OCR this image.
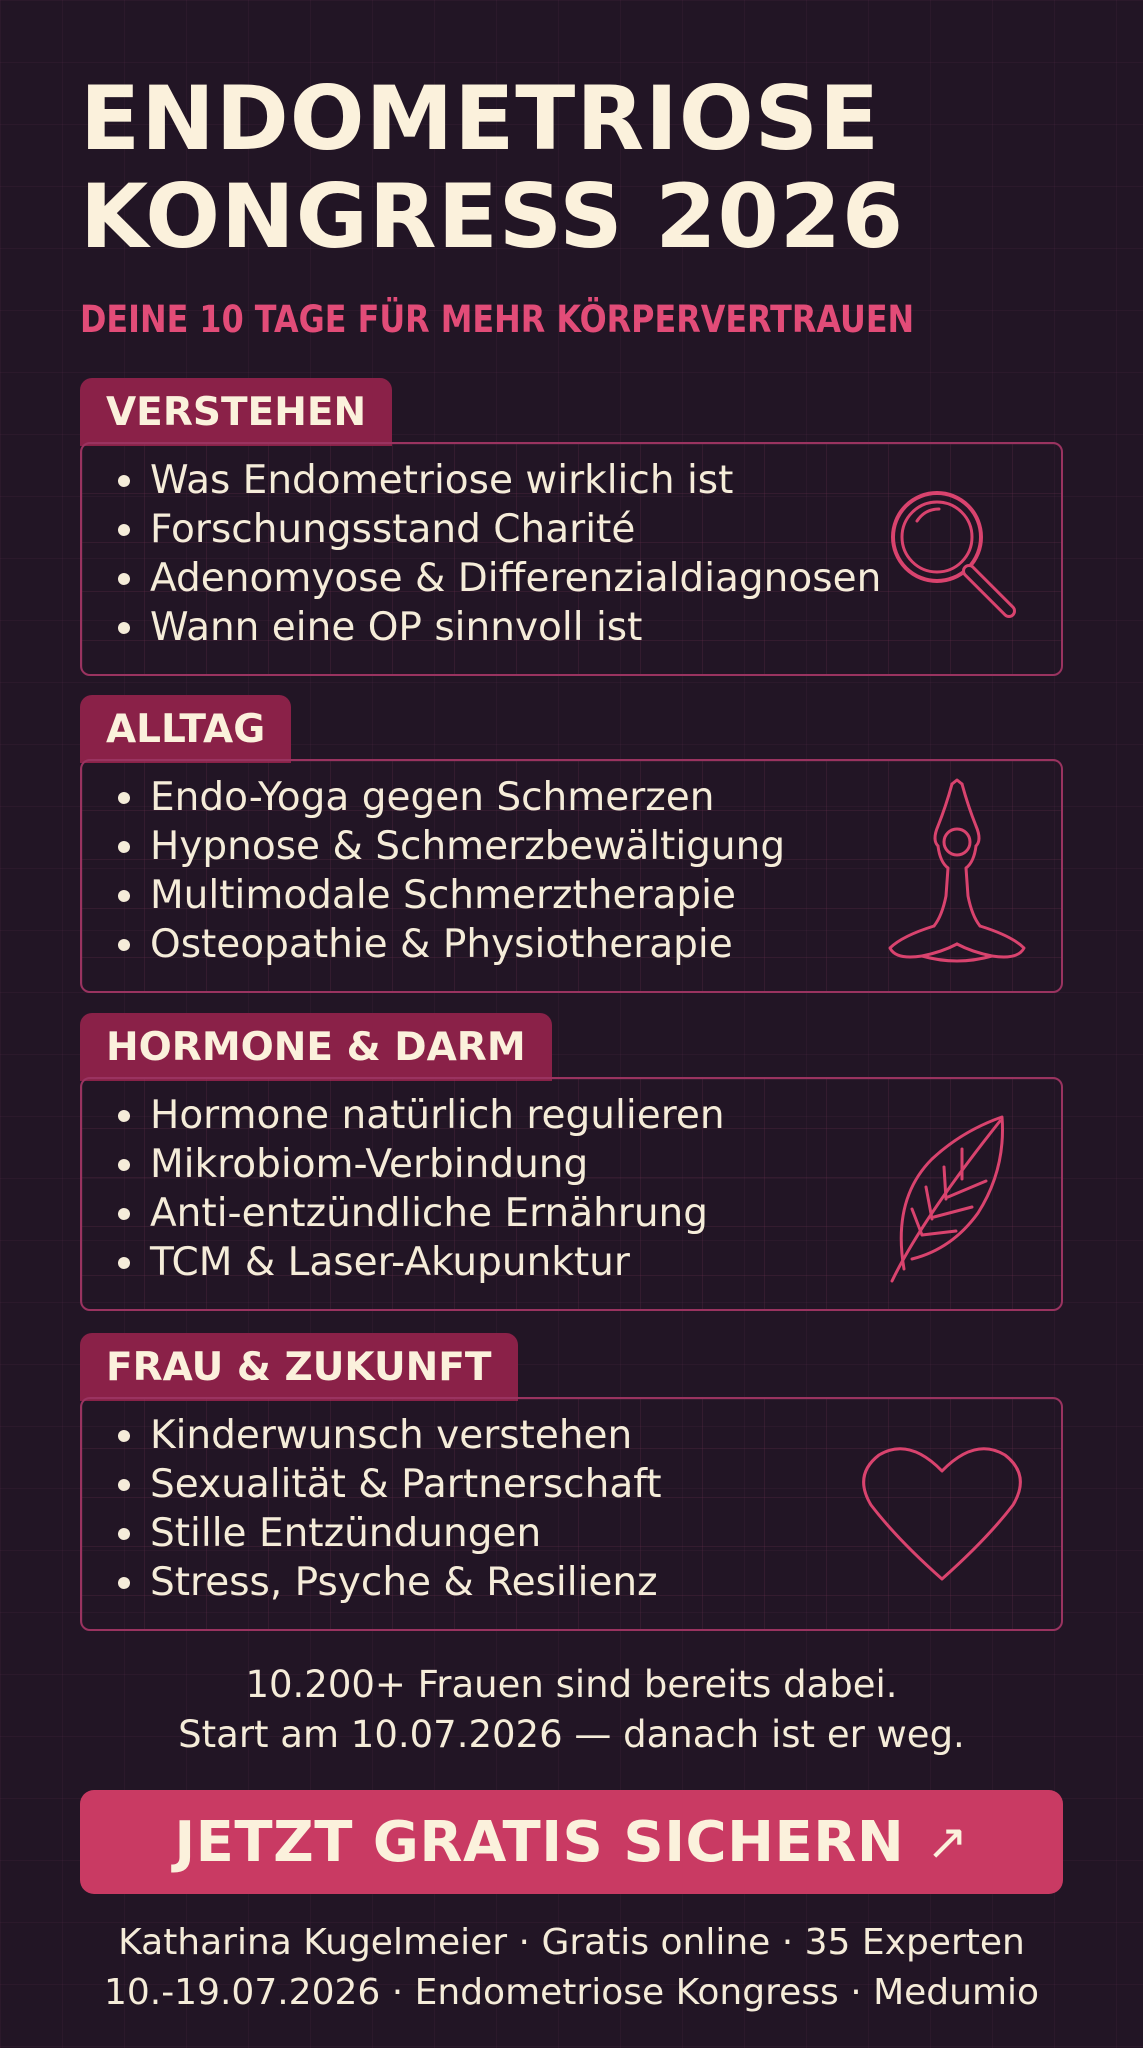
ENDOMETRIOSE
KONGRESS 2026
DEINE 10 TAGE FÜR MEHR KÖRPERVERTRAUEN
VERSTEHEN
Was Endometriose wirklich ist
Forschungsstand Charité
Adenomyose & Differenzialdiagnosen
Wann eine OP sinnvoll ist
ALLTAG
Endo-Yoga gegen Schmerzen
Hypnose & Schmerzbewältigung
Multimodale Schmerztherapie
Osteopathie & Physiotherapie
HORMONE & DARM
Hormone natürlich regulieren
Mikrobiom-Verbindung
Anti-entzündliche Ernährung
TCM & Laser-Akupunktur
FRAU & ZUKUNFT
Kinderwunsch verstehen
Sexualität & Partnerschaft
Stille Entzündungen
Stress, Psyche & Resilienz
10.200+ Frauen sind bereits dabei.
Start am 10.07.2026 — danach ist er weg.
JETZT GRATIS SICHERN ↗
Katharina Kugelmeier · Gratis online · 35 Experten
10.-19.07.2026 · Endometriose Kongress · Medumio
